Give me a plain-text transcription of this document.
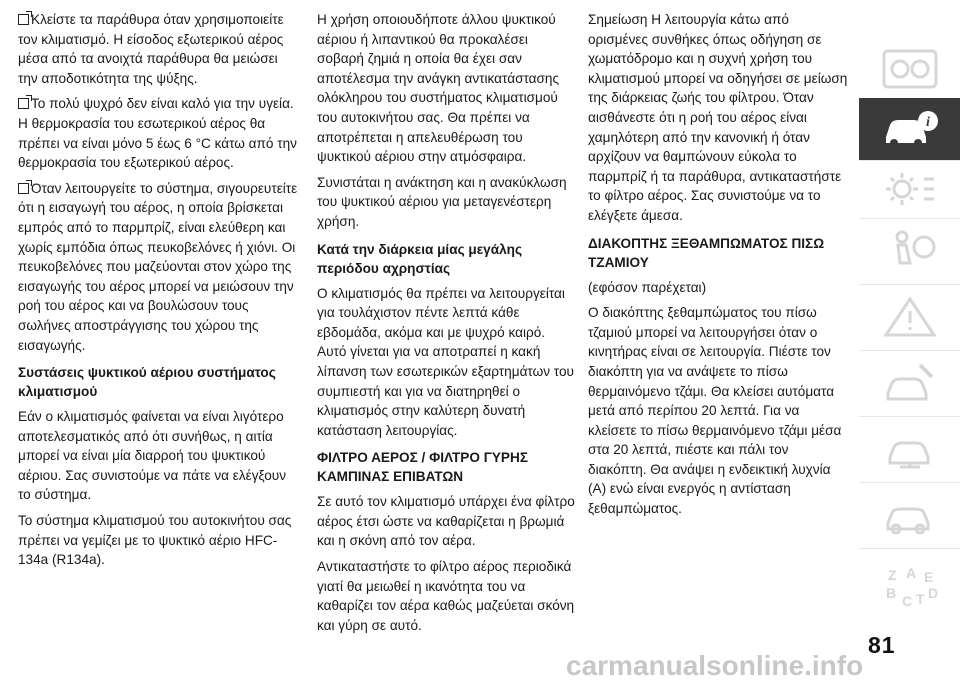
Κλείστε τα παράθυρα όταν χρησιμοποιείτε τον κλιματισμό. Η είσοδος εξωτερικού αέρος μέσα από τα ανοιχτά παράθυρα θα μειώσει την αποδοτικότητα της ψύξης.

Το πολύ ψυχρό δεν είναι καλό για την υγεία. Η θερμοκρασία του εσωτερικού αέρος θα πρέπει να είναι μόνο 5 έως 6 °C κάτω από την θερμοκρασία του εξωτερικού αέρος.

Όταν λειτουργείτε το σύστημα, σιγουρευτείτε ότι η εισαγωγή του αέρος, η οποία βρίσκεται εμπρός από το παρμπρίζ, είναι ελεύθερη και χωρίς εμπόδια όπως πευκοβελόνες ή χιόνι. Οι πευκοβελόνες που μαζεύονται στον χώρο της εισαγωγής του αέρος μπορεί να μειώσουν την ροή του αέρος και να βουλώσουν τους σωλήνες αποστράγγισης του χώρου της εισαγωγής.

Συστάσεις ψυκτικού αέριου συστήματος κλιματισμού

Εάν ο κλιματισμός φαίνεται να είναι λιγότερο αποτελεσματικός από ότι συνήθως, η αιτία μπορεί να είναι μία διαρροή του ψυκτικού αέριου. Σας συνιστούμε να πάτε να ελέγξουν το σύστημα.

Το σύστημα κλιματισμού του αυτοκινήτου σας πρέπει να γεμίζει με το ψυκτικό αέριο HFC-134a (R134a).

Η χρήση οποιουδήποτε άλλου ψυκτικού αέριου ή λιπαντικού θα προκαλέσει σοβαρή ζημιά η οποία θα έχει σαν αποτέλεσμα την ανάγκη αντικατάστασης ολόκληρου του συστήματος κλιματισμού του αυτοκινήτου σας. Θα πρέπει να αποτρέπεται η απελευθέρωση του ψυκτικού αέριου στην ατμόσφαιρα.

Συνιστάται η ανάκτηση και η ανακύκλωση του ψυκτικού αέριου για μεταγενέστερη χρήση.

Κατά την διάρκεια μίας μεγάλης περιόδου αχρηστίας

Ο κλιματισμός θα πρέπει να λειτουργείται για τουλάχιστον πέντε λεπτά κάθε εβδομάδα, ακόμα και με ψυχρό καιρό. Αυτό γίνεται για να αποτραπεί η κακή λίπανση των εσωτερικών εξαρτημάτων του συμπιεστή και για να διατηρηθεί ο κλιματισμός στην καλύτερη δυνατή κατάσταση λειτουργίας.

ΦΙΛΤΡΟ ΑΕΡΟΣ / ΦΙΛΤΡΟ ΓΥΡΗΣ ΚΑΜΠΙΝΑΣ ΕΠΙΒΑΤΩΝ

Σε αυτό τον κλιματισμό υπάρχει ένα φίλτρο αέρος έτσι ώστε να καθαρίζεται η βρωμιά και η σκόνη από τον αέρα.

Αντικαταστήστε το φίλτρο αέρος περιοδικά γιατί θα μειωθεί η ικανότητα του να καθαρίζει τον αέρα καθώς μαζεύεται σκόνη και γύρη σε αυτό.

Σημείωση Η λειτουργία κάτω από ορισμένες συνθήκες όπως οδήγηση σε χωματόδρομο και η συχνή χρήση του κλιματισμού μπορεί να οδηγήσει σε μείωση της διάρκειας ζωής του φίλτρου. Όταν αισθάνεστε ότι η ροή του αέρος είναι χαμηλότερη από την κανονική ή όταν αρχίζουν να θαμπώνουν εύκολα το παρμπρίζ ή τα παράθυρα, αντικαταστήστε το φίλτρο αέρος. Σας συνιστούμε να το ελέγξετε άμεσα.

ΔΙΑΚΟΠΤΗΣ ΞΕΘΑΜΠΩΜΑΤΟΣ ΠΙΣΩ ΤΖΑΜΙΟΥ

(εφόσον παρέχεται)

Ο διακόπτης ξεθαμπώματος του πίσω τζαμιού μπορεί να λειτουργήσει όταν ο κινητήρας είναι σε λειτουργία. Πιέστε τον διακόπτη για να ανάψετε το πίσω θερμαινόμενο τζάμι. Θα κλείσει αυτόματα μετά από περίπου 20 λεπτά. Για να κλείσετε το πίσω θερμαινόμενο τζάμι μέσα στα 20 λεπτά, πιέστε και πάλι τον διακόπτη. Θα ανάψει η ενδεικτική λυχνία (A) ενώ είναι ενεργός η αντίσταση ξεθαμπώματος.

i
Z A E
B C T D
81
carmanualsonline.info
